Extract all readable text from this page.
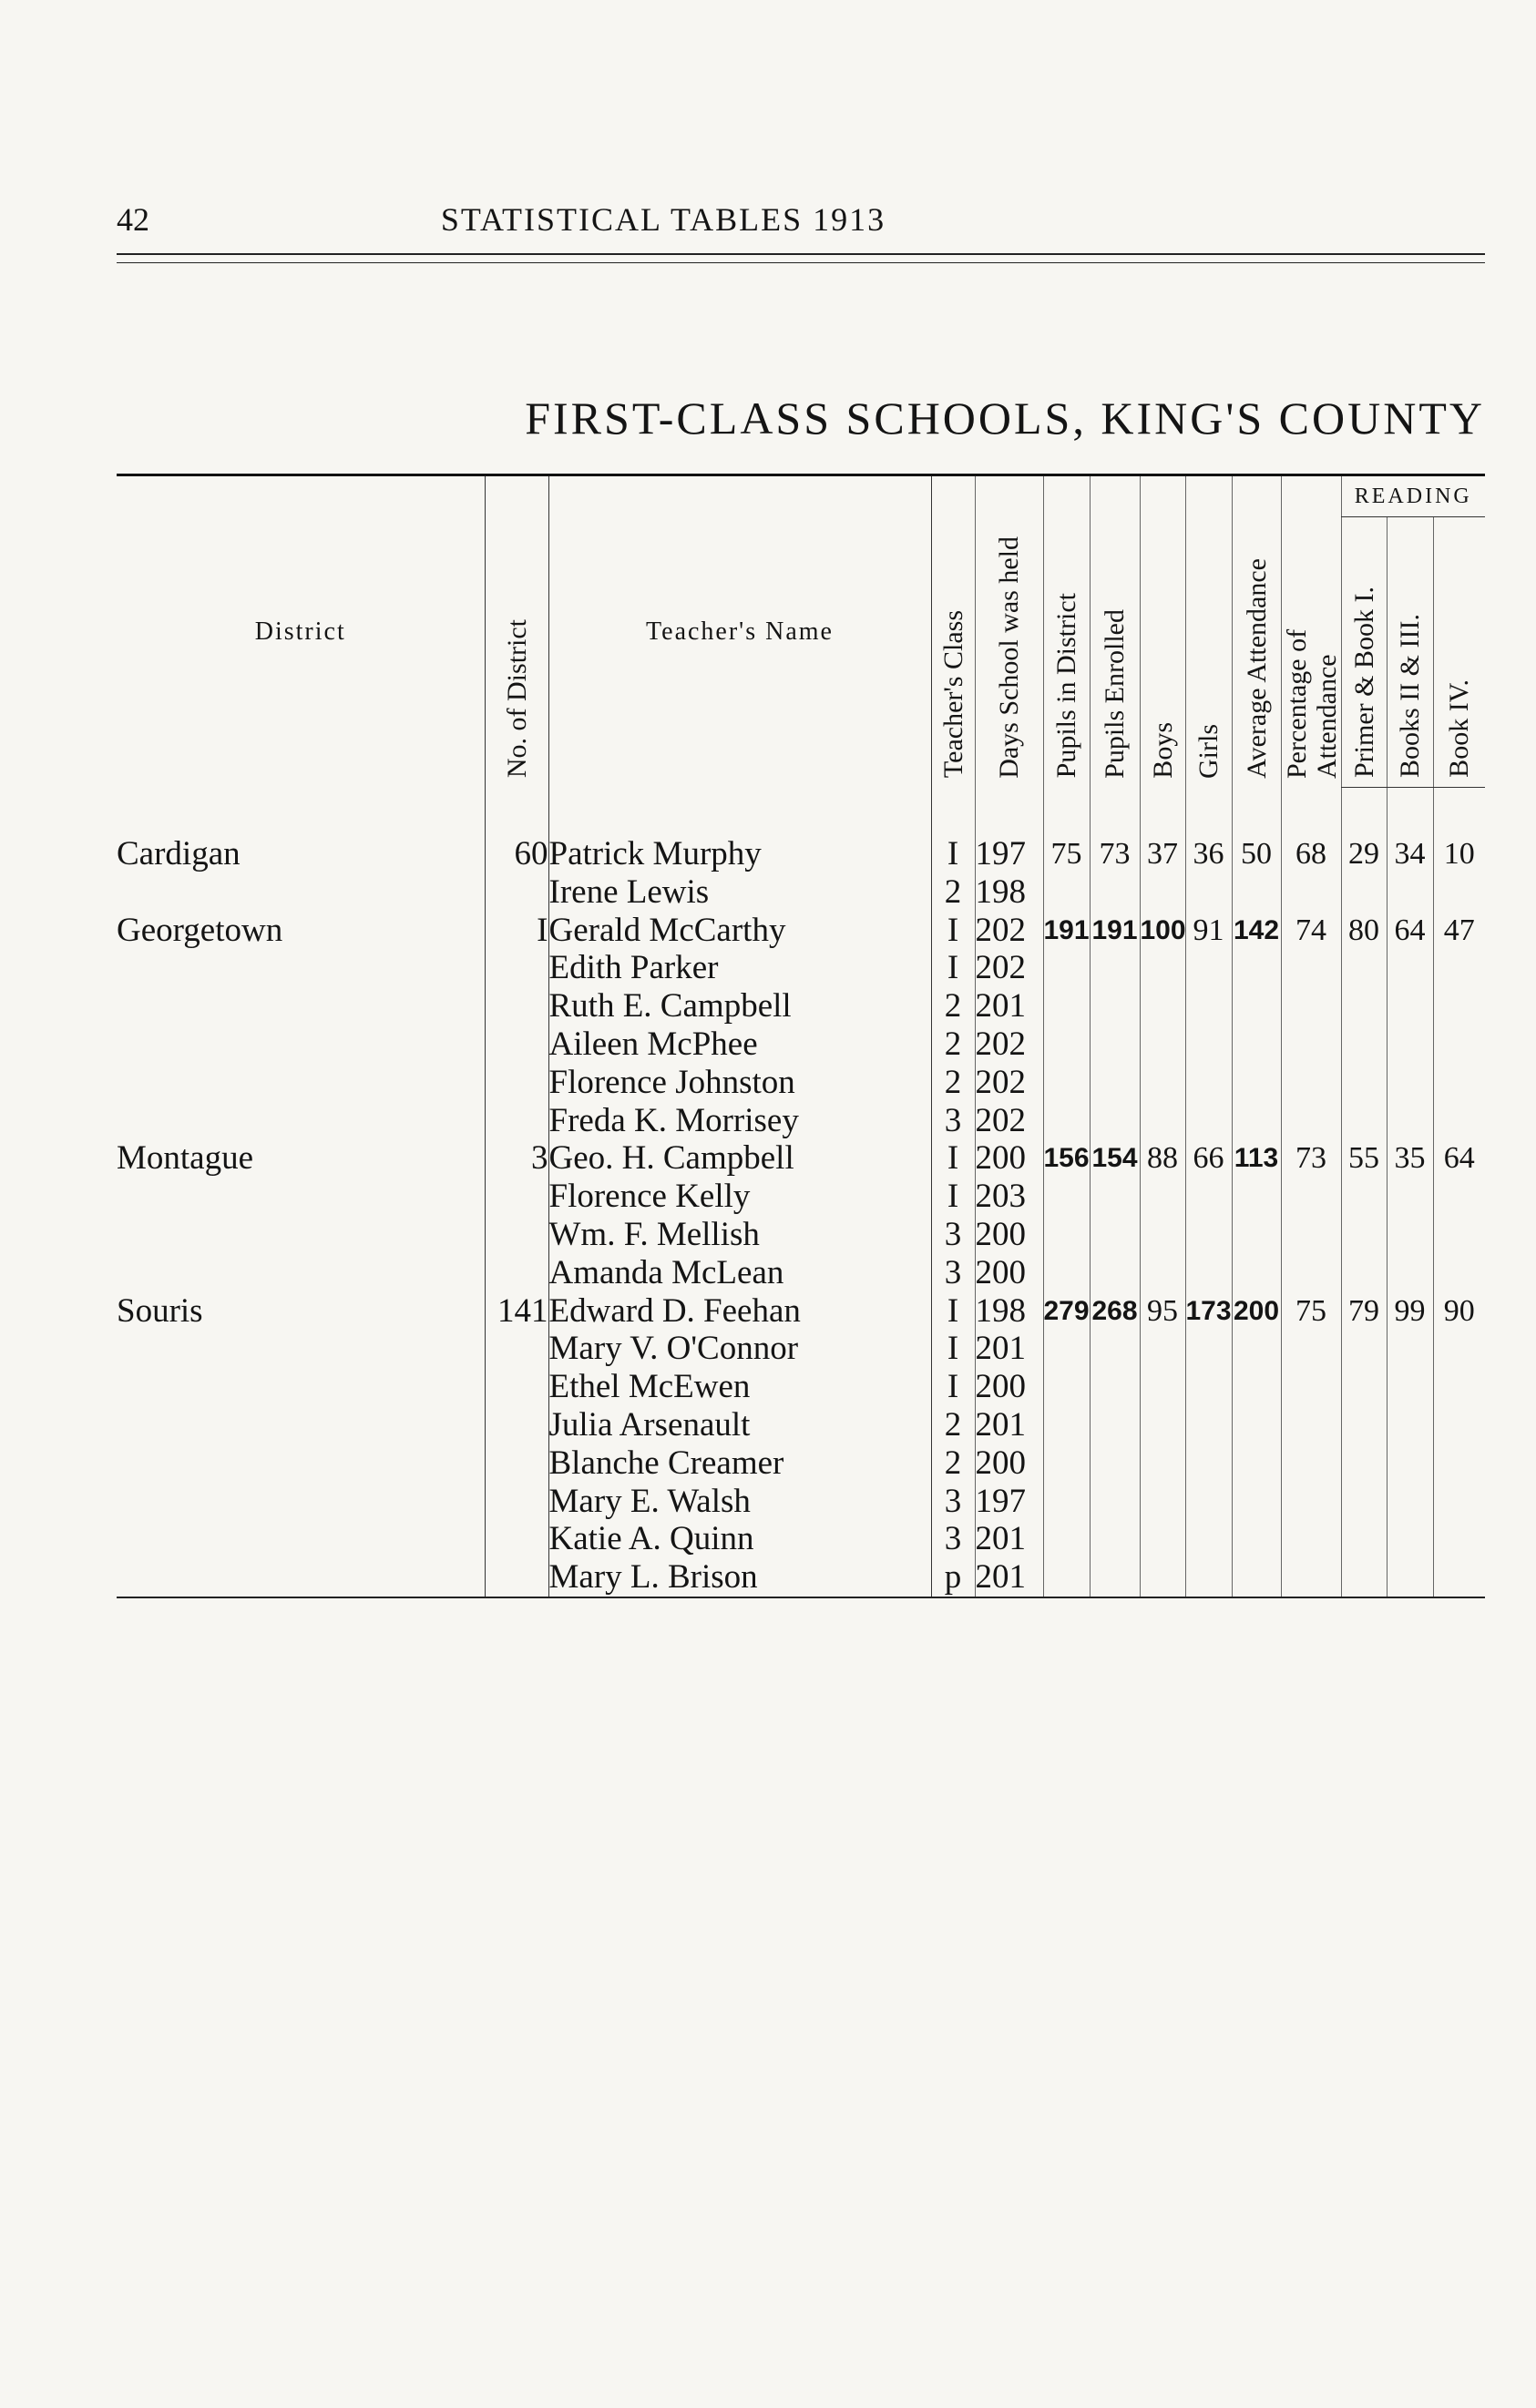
42	STATISTICAL TABLES 1913
FIRST-CLASS SCHOOLS, KING'S COUNTY
District	No. of District	Teacher's Name	Teacher's Class	Days School was held	Pupils in District	Pupils Enrolled	Boys	Girls	Average Attendance	Percentage of Attendance	READING		

											Primer & Book I.	Books II & III.	Book IV.

Cardigan	60	Patrick Murphy	I	197	75	73	37	36	50	68	29	34	10
		Irene Lewis	2	198									
Georgetown	I	Gerald McCarthy	I	202	191	191	100	91	142	74	80	64	47
		Edith Parker	I	202									
		Ruth E. Campbell	2	201									
		Aileen McPhee	2	202									
		Florence Johnston	2	202									
		Freda K. Morrisey	3	202									
Montague	3	Geo. H. Campbell	I	200	156	154	88	66	113	73	55	35	64
		Florence Kelly	I	203									
		Wm. F. Mellish	3	200									
		Amanda McLean	3	200									
Souris	141	Edward D. Feehan	I	198	279	268	95	173	200	75	79	99	90
		Mary V. O'Connor	I	201									
		Ethel McEwen	I	200									
		Julia Arsenault	2	201									
		Blanche Creamer	2	200									
		Mary E. Walsh	3	197									
		Katie A. Quinn	3	201									
		Mary L. Brison	p	201									
